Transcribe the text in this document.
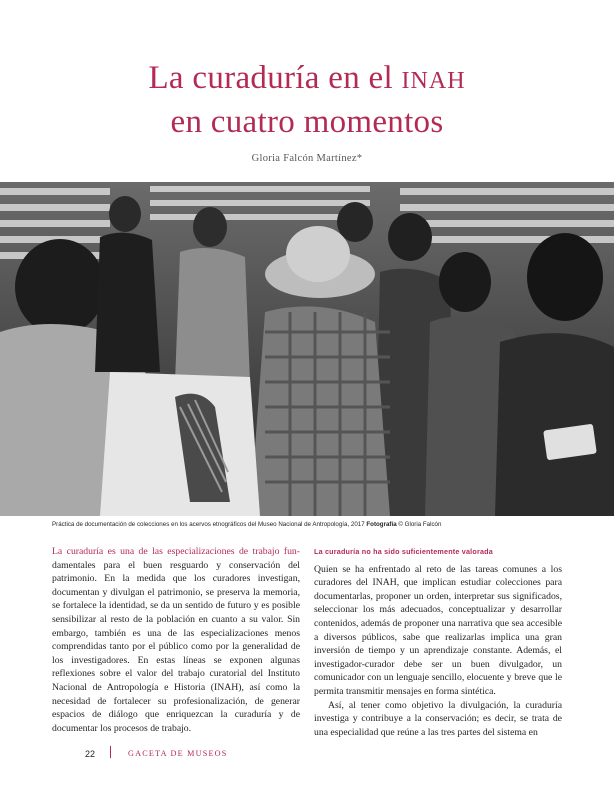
La curaduría en el INAH
en cuatro momentos
Gloria Falcón Martínez*
Práctica de documentación de colecciones en los acervos etnográficos del Museo Nacional de Antropología, 2017 Fotografía © Gloria Falcón

La curaduría es una de las especializaciones de trabajo fun-damentales para el buen resguardo y conservación del patrimonio. En la medida que los curadores investigan, documentan y divulgan el patrimonio, se preserva la memoria, se fortalece la identidad, se da un sentido de futuro y es posible sensibilizar al resto de la población en cuanto a su valor. Sin embargo, también es una de las especializaciones menos comprendidas tanto por el público como por la generalidad de los investigadores. En estas líneas se exponen algunas reflexiones sobre el valor del trabajo curatorial del Instituto Nacional de Antropología e Historia (INAH), así como la necesidad de fortalecer su profesionalización, de generar espacios de diálogo que enriquezcan la curaduría y de documentar los procesos de trabajo.

La curaduría no ha sido suficientemente valorada

Quien se ha enfrentado al reto de las tareas comunes a los curadores del INAH, que implican estudiar colecciones para documentarlas, proponer un orden, interpretar sus significados, seleccionar los más adecuados, conceptualizar y desarrollar contenidos, además de proponer una narrativa que sea accesible a diversos públicos, sabe que realizarlas implica una gran inversión de tiempo y un aprendizaje constante. Además, el investigador-curador debe ser un buen divulgador, un comunicador con un lenguaje sencillo, elocuente y breve que le permita transmitir mensajes en forma sintética.

Así, al tener como objetivo la divulgación, la curaduría investiga y contribuye a la conservación; es decir, se trata de una especialidad que reúne a las tres partes del sistema en

22	GACETA DE MUSEOS
